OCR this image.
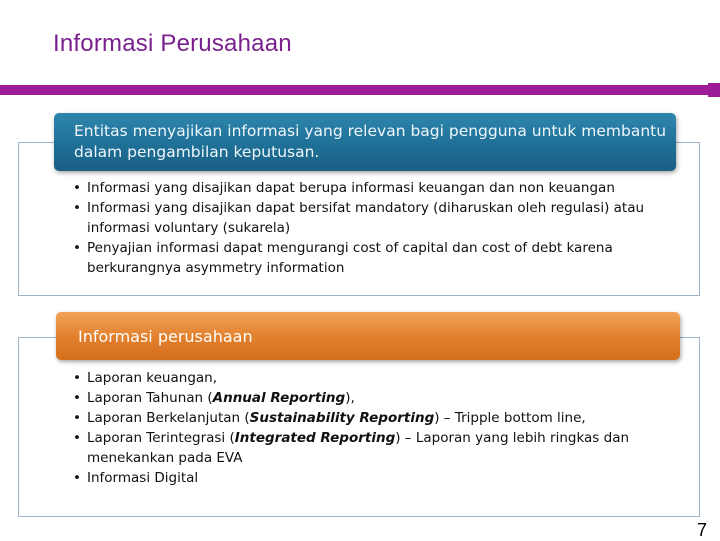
Informasi Perusahaan
Entitas menyajikan informasi yang relevan bagi pengguna untuk membantu dalam pengambilan keputusan.
• Informasi yang disajikan dapat berupa informasi keuangan dan non keuangan
• Informasi yang disajikan dapat bersifat mandatory (diharuskan oleh regulasi) atau informasi voluntary (sukarela)
• Penyajian informasi dapat mengurangi cost of capital dan cost of debt karena berkurangnya asymmetry information
Informasi perusahaan
• Laporan keuangan,
• Laporan Tahunan (Annual Reporting),
• Laporan Berkelanjutan (Sustainability Reporting) – Tripple bottom line,
• Laporan Terintegrasi (Integrated Reporting) – Laporan yang lebih ringkas dan menekankan pada EVA
• Informasi Digital
7
